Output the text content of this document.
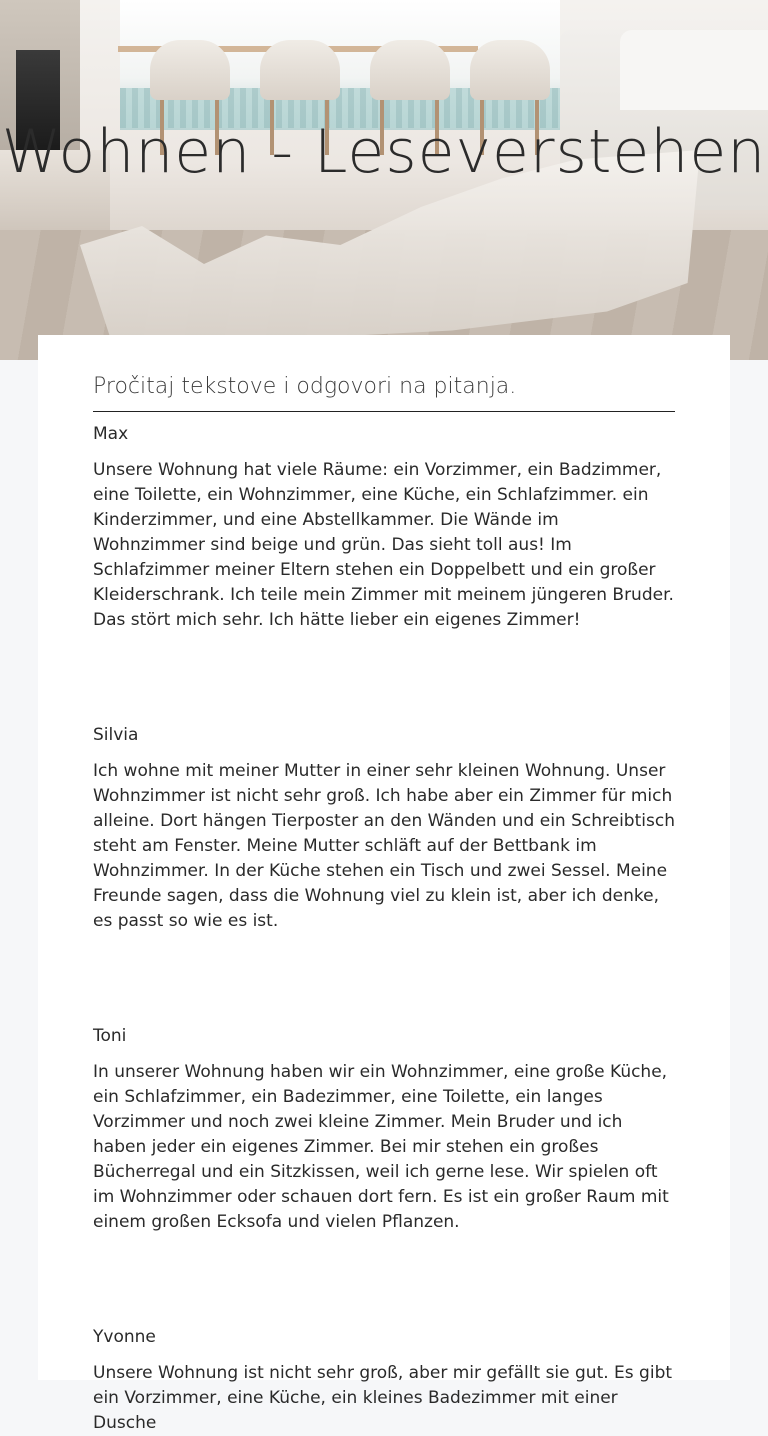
Wohnen - Leseverstehen

Pročitaj tekstove i odgovori na pitanja.

Max

Unsere Wohnung hat viele Räume: ein Vorzimmer, ein Badzimmer, eine Toilette, ein Wohnzimmer, eine Küche, ein Schlafzimmer. ein Kinderzimmer, und eine Abstellkammer. Die Wände im Wohnzimmer sind beige und grün. Das sieht toll aus! Im Schlafzimmer meiner Eltern stehen ein Doppelbett und ein großer Kleiderschrank. Ich teile mein Zimmer mit meinem jüngeren Bruder. Das stört mich sehr. Ich hätte lieber ein eigenes Zimmer!

Silvia

Ich wohne mit meiner Mutter in einer sehr kleinen Wohnung. Unser Wohnzimmer ist nicht sehr groß. Ich habe aber ein Zimmer für mich alleine. Dort hängen Tierposter an den Wänden und ein Schreibtisch steht am Fenster. Meine Mutter schläft auf der Bettbank im Wohnzimmer. In der Küche stehen ein Tisch und zwei Sessel. Meine Freunde sagen, dass die Wohnung viel zu klein ist, aber ich denke, es passt so wie es ist.

Toni

In unserer Wohnung haben wir ein Wohnzimmer, eine große Küche, ein Schlafzimmer, ein Badezimmer, eine Toilette, ein langes Vorzimmer und noch zwei kleine Zimmer. Mein Bruder und ich haben jeder ein eigenes Zimmer. Bei mir stehen ein großes Bücherregal und ein Sitzkissen, weil ich gerne lese. Wir spielen oft im Wohnzimmer oder schauen dort fern. Es ist ein großer Raum mit einem großen Ecksofa und vielen Pflanzen.

Yvonne

Unsere Wohnung ist nicht sehr groß, aber mir gefällt sie gut. Es gibt ein Vorzimmer, eine Küche, ein kleines Badezimmer mit einer Dusche
